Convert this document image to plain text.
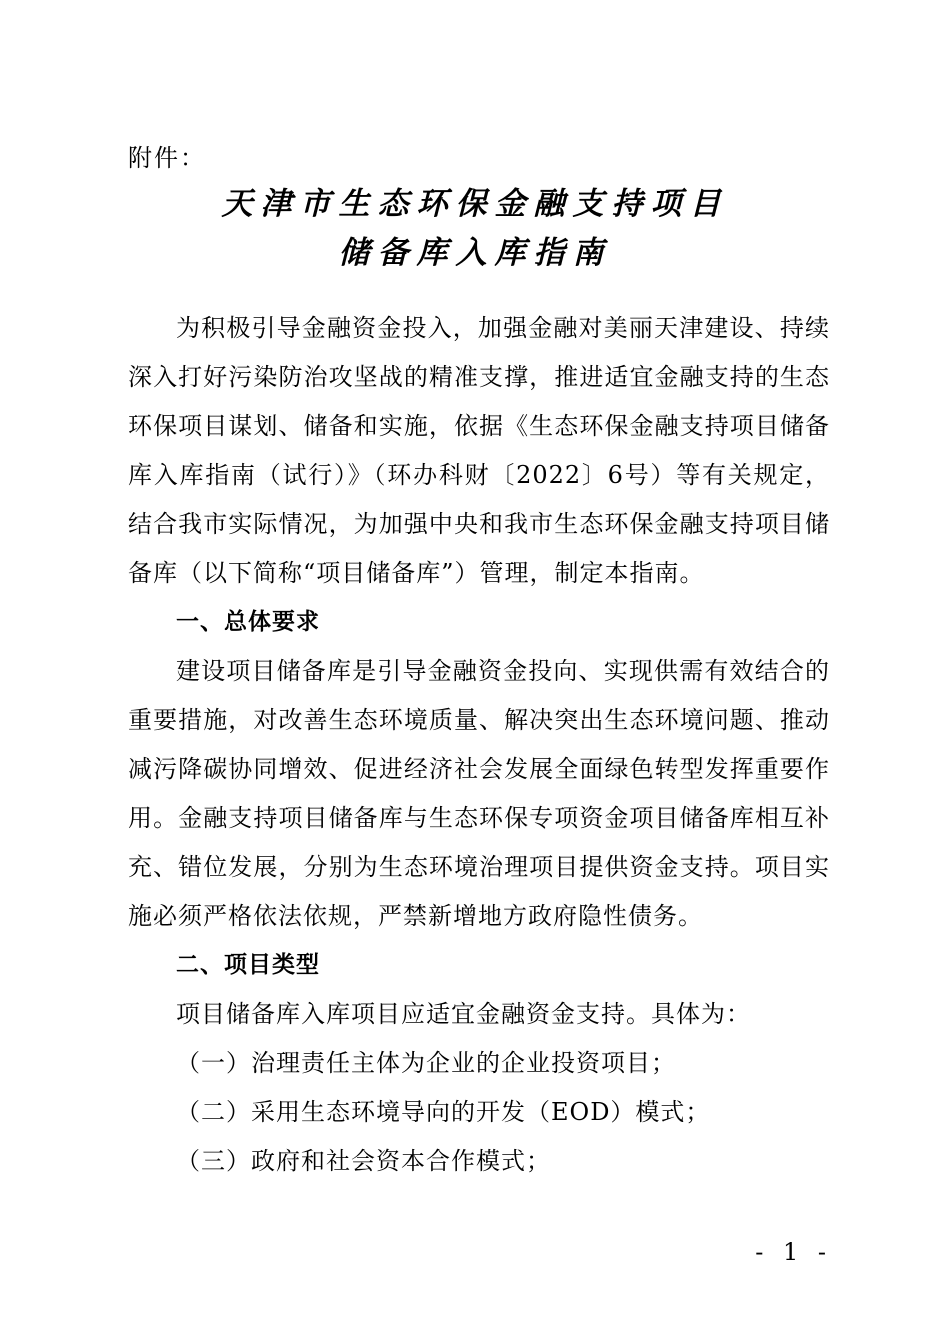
附件：
天津市生态环保金融支持项目
储备库入库指南

为积极引导金融资金投入，加强金融对美丽天津建设、持续深入打好污染防治攻坚战的精准支撑，推进适宜金融支持的生态环保项目谋划、储备和实施，依据《生态环保金融支持项目储备库入库指南（试行）》（环办科财〔2022〕6号）等有关规定，结合我市实际情况，为加强中央和我市生态环保金融支持项目储备库（以下简称“项目储备库”）管理，制定本指南。

一、总体要求

建设项目储备库是引导金融资金投向、实现供需有效结合的重要措施，对改善生态环境质量、解决突出生态环境问题、推动减污降碳协同增效、促进经济社会发展全面绿色转型发挥重要作用。金融支持项目储备库与生态环保专项资金项目储备库相互补充、错位发展，分别为生态环境治理项目提供资金支持。项目实施必须严格依法依规，严禁新增地方政府隐性债务。

二、项目类型

项目储备库入库项目应适宜金融资金支持。具体为：

（一）治理责任主体为企业的企业投资项目；

（二）采用生态环境导向的开发（EOD）模式；

（三）政府和社会资本合作模式；

- 1 -
